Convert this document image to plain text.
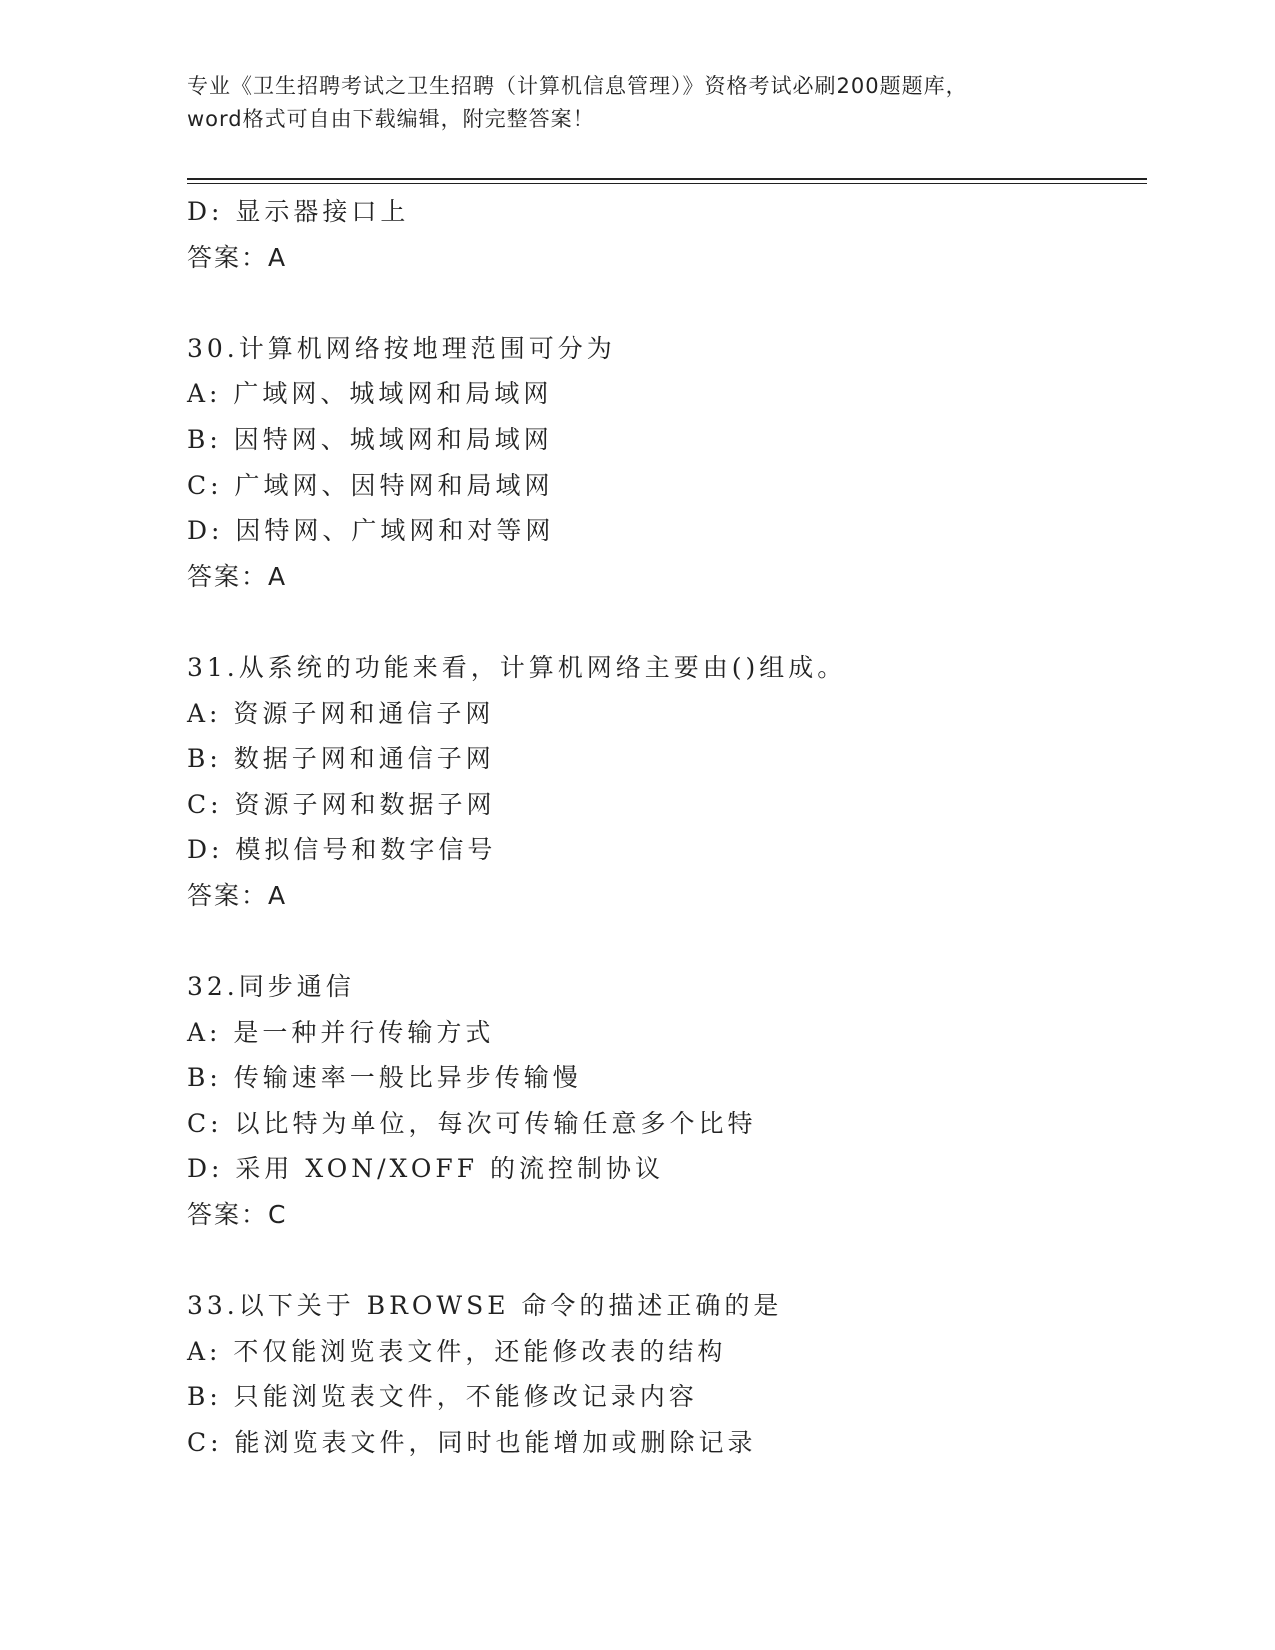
专业《卫生招聘考试之卫生招聘（计算机信息管理）》资格考试必刷200题题库，
word格式可自由下载编辑，附完整答案！
D: 显示器接口上
答案：A
30.计算机网络按地理范围可分为
A: 广域网、城域网和局域网
B: 因特网、城域网和局域网
C: 广域网、因特网和局域网
D: 因特网、广域网和对等网
答案：A
31.从系统的功能来看，计算机网络主要由()组成。
A: 资源子网和通信子网
B: 数据子网和通信子网
C: 资源子网和数据子网
D: 模拟信号和数字信号
答案：A
32.同步通信
A: 是一种并行传输方式
B: 传输速率一般比异步传输慢
C: 以比特为单位，每次可传输任意多个比特
D: 采用 XON/XOFF 的流控制协议
答案：C
33.以下关于 BROWSE 命令的描述正确的是
A: 不仅能浏览表文件，还能修改表的结构
B: 只能浏览表文件，不能修改记录内容
C: 能浏览表文件，同时也能增加或删除记录
